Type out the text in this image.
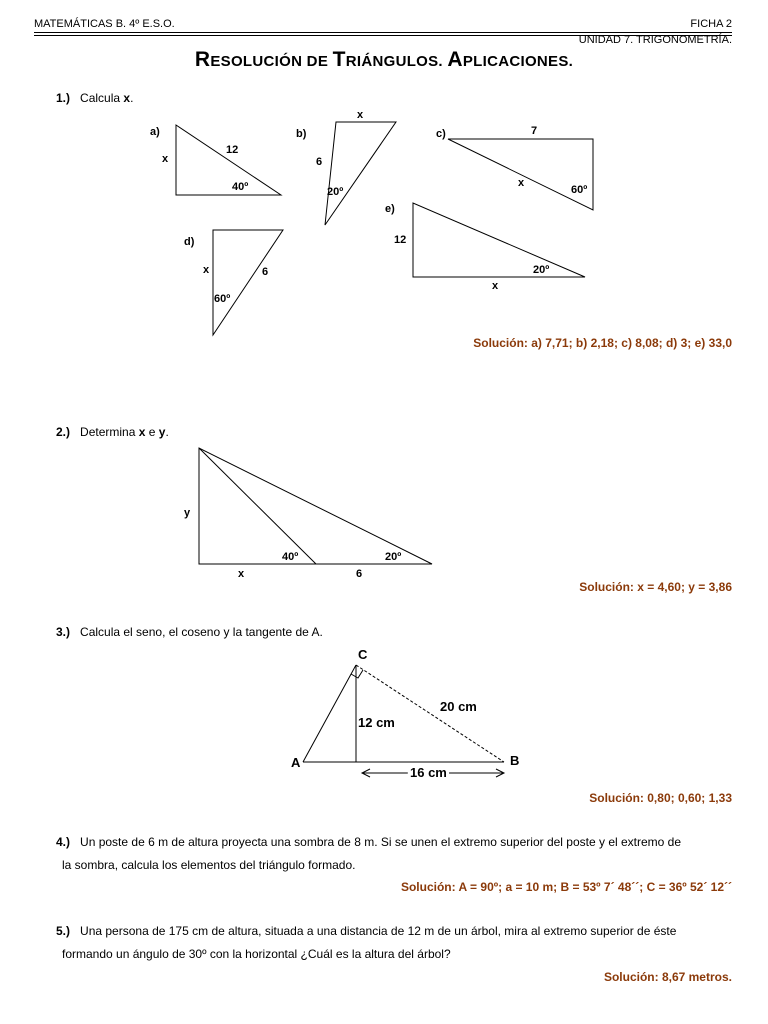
MATEMÁTICAS B. 4º E.S.O.	FICHA 2
UNIDAD 7. TRIGONOMETRÍA.
RESOLUCIÓN DE TRIÁNGULOS. APLICACIONES.
1.) Calcula x.
a)
x
12
40º
b)
x
6
20º
c)	7
x
60º
d)
x	6
60º
e)
12
20º
x
Solución: a) 7,71; b) 2,18; c) 8,08; d) 3; e) 33,0
2.) Determina x e y.
y
40º	20º
x	6
Solución: x = 4,60; y = 3,86
3.) Calcula el seno, el coseno y la tangente de A.
C
A	B
12 cm
20 cm
16 cm
Solución: 0,80; 0,60; 1,33
4.) Un poste de 6 m de altura proyecta una sombra de 8 m. Si se unen el extremo superior del poste y el extremo de
la sombra, calcula los elementos del triángulo formado.
Solución: A = 90º; a = 10 m; B = 53º 7´ 48´´; C = 36º 52´ 12´´
5.) Una persona de 175 cm de altura, situada a una distancia de 12 m de un árbol, mira al extremo superior de éste
formando un ángulo de 30º con la horizontal ¿Cuál es la altura del árbol?
Solución: 8,67 metros.
